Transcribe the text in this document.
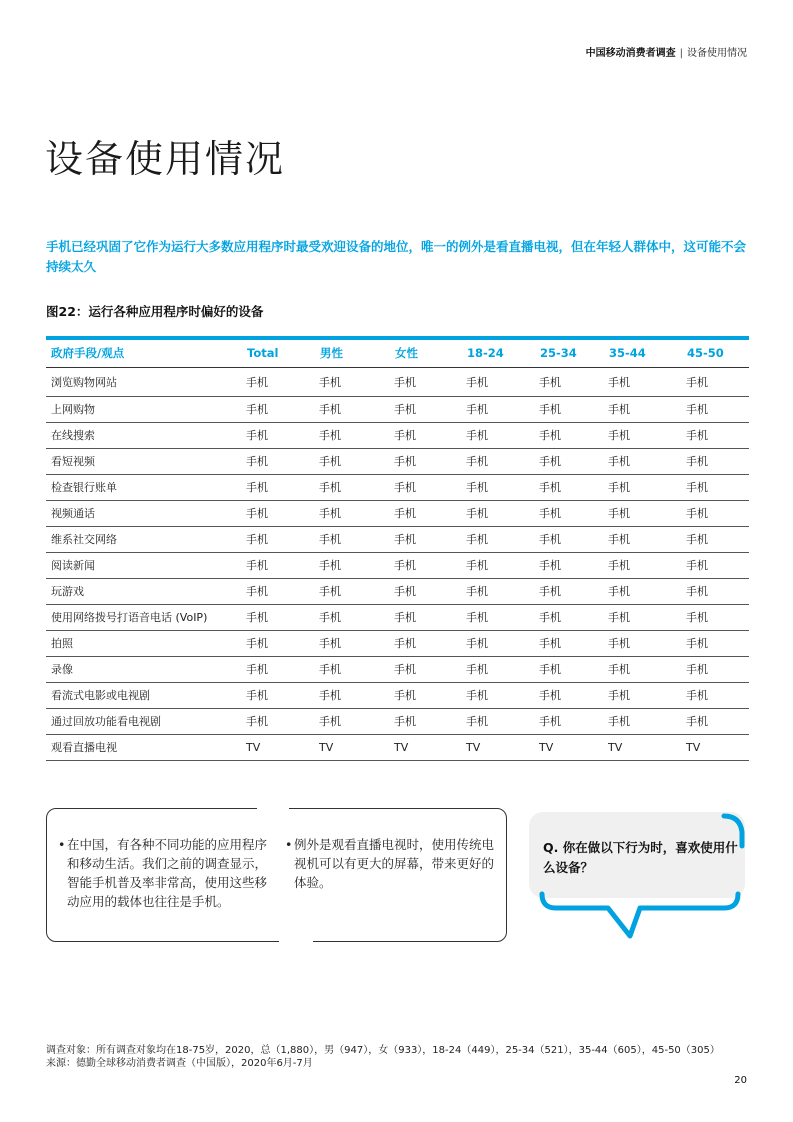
中国移动消费者调查 | 设备使用情况
设备使用情况

手机已经巩固了它作为运行大多数应用程序时最受欢迎设备的地位，唯一的例外是看直播电视，但在年轻人群体中，这可能不会持续太久

图22：运行各种应用程序时偏好的设备
政府手段/观点	Total	男性	女性	18-24	25-34	35-44	45-50
浏览购物网站	手机	手机	手机	手机	手机	手机	手机
上网购物	手机	手机	手机	手机	手机	手机	手机
在线搜索	手机	手机	手机	手机	手机	手机	手机
看短视频	手机	手机	手机	手机	手机	手机	手机
检查银行账单	手机	手机	手机	手机	手机	手机	手机
视频通话	手机	手机	手机	手机	手机	手机	手机
维系社交网络	手机	手机	手机	手机	手机	手机	手机
阅读新闻	手机	手机	手机	手机	手机	手机	手机
玩游戏	手机	手机	手机	手机	手机	手机	手机
使用网络拨号打语音电话 (VoIP)	手机	手机	手机	手机	手机	手机	手机
拍照	手机	手机	手机	手机	手机	手机	手机
录像	手机	手机	手机	手机	手机	手机	手机
看流式电影或电视剧	手机	手机	手机	手机	手机	手机	手机
通过回放功能看电视剧	手机	手机	手机	手机	手机	手机	手机
观看直播电视	TV	TV	TV	TV	TV	TV	TV
• 在中国，有各种不同功能的应用程序和移动生活。我们之前的调查显示，智能手机普及率非常高，使用这些移动应用的载体也往往是手机。
• 例外是观看直播电视时，使用传统电视机可以有更大的屏幕，带来更好的体验。
Q. 你在做以下行为时，喜欢使用什么设备？
调查对象：所有调查对象均在18-75岁，2020，总（1,880），男（947），女（933），18-24（449），25-34（521），35-44（605），45-50（305）
来源：德勤全球移动消费者调查（中国版），2020年6月-7月
20
